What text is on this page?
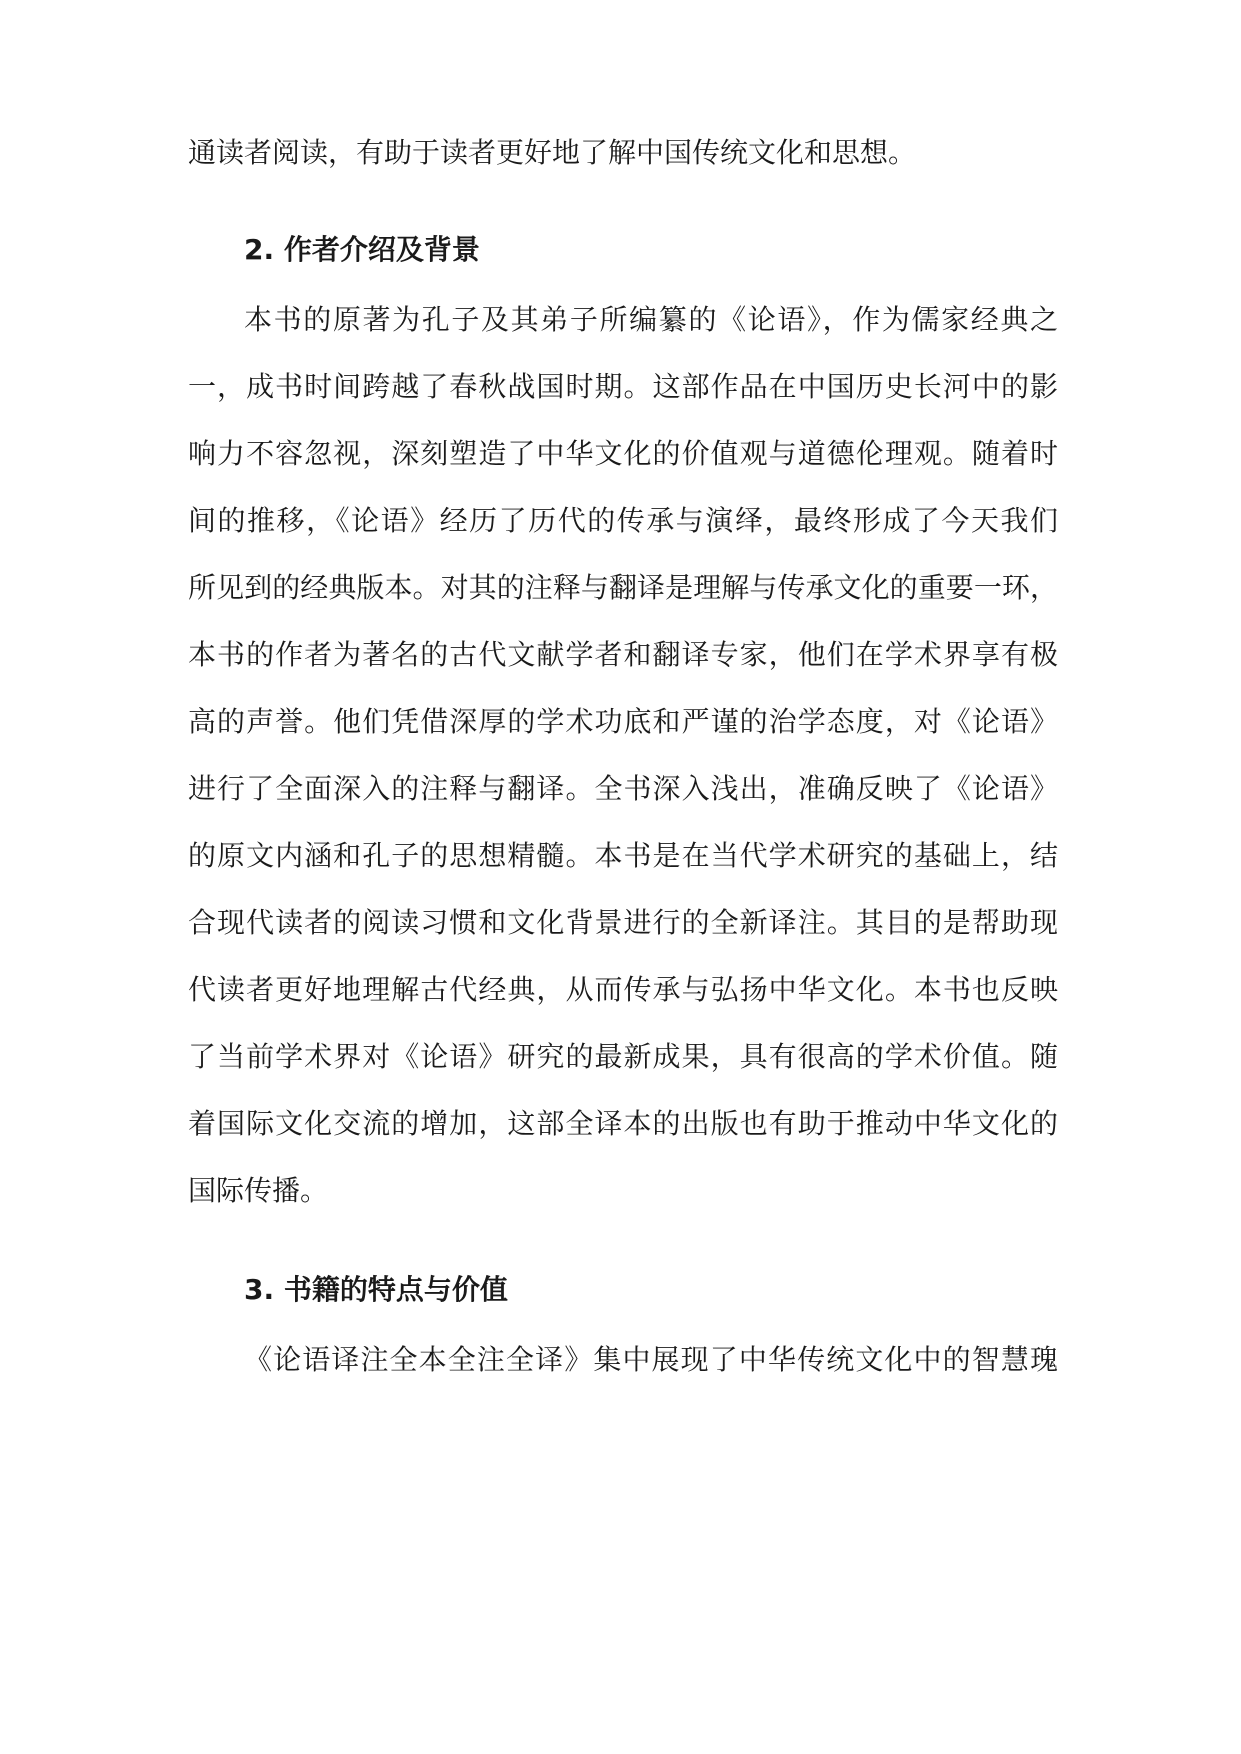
通读者阅读，有助于读者更好地了解中国传统文化和思想。
2. 作者介绍及背景
本书的原著为孔子及其弟子所编纂的《论语》，作为儒家经典之
一，成书时间跨越了春秋战国时期。这部作品在中国历史长河中的影
响力不容忽视，深刻塑造了中华文化的价值观与道德伦理观。随着时
间的推移，《论语》经历了历代的传承与演绎，最终形成了今天我们
所见到的经典版本。对其的注释与翻译是理解与传承文化的重要一环，
本书的作者为著名的古代文献学者和翻译专家，他们在学术界享有极
高的声誉。他们凭借深厚的学术功底和严谨的治学态度，对《论语》
进行了全面深入的注释与翻译。全书深入浅出，准确反映了《论语》
的原文内涵和孔子的思想精髓。本书是在当代学术研究的基础上，结
合现代读者的阅读习惯和文化背景进行的全新译注。其目的是帮助现
代读者更好地理解古代经典，从而传承与弘扬中华文化。本书也反映
了当前学术界对《论语》研究的最新成果，具有很高的学术价值。随
着国际文化交流的增加，这部全译本的出版也有助于推动中华文化的
国际传播。
3. 书籍的特点与价值
《论语译注全本全注全译》集中展现了中华传统文化中的智慧瑰
